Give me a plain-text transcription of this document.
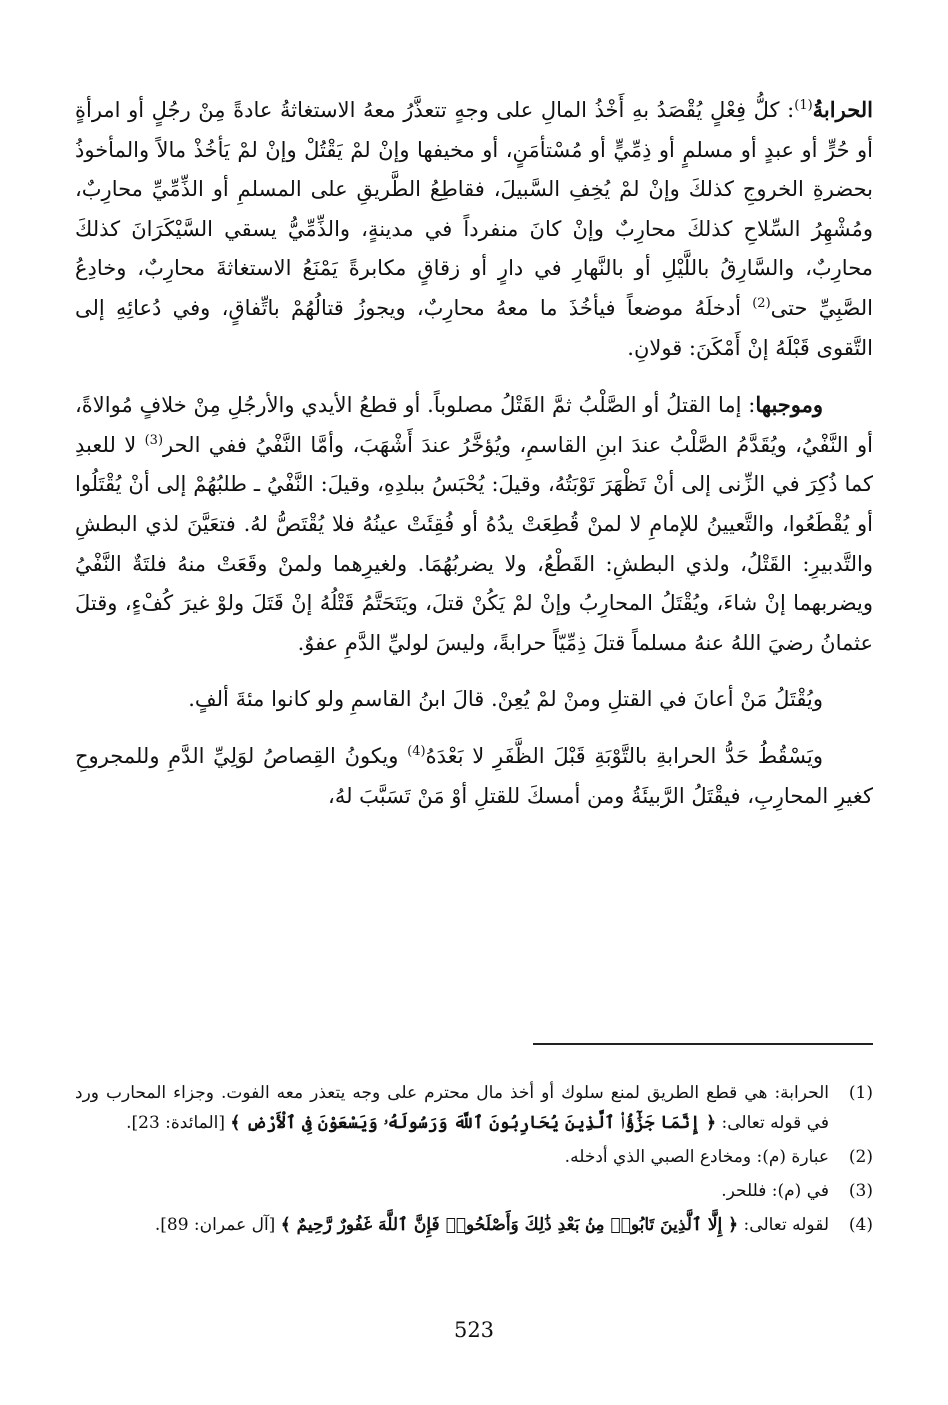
الحرابةُ$^{(1)}$: كلُّ فِعْلٍ يُقْصَدُ بهِ أَخْذُ المالِ على وجهٍ تتعذَّرُ معهُ الاستغاثةُ عادةً مِنْ رجُلٍ أو امرأةٍ أو حُرٍّ أو عبدٍ أو مسلمٍ أو ذِمِّيٍّ أو مُسْتأمَنٍ، أو مخيفها وإنْ لمْ يَقْتُلْ وإنْ لمْ يَأخُذْ مالاً والمأخوذُ بحضرةِ الخروجِ كذلكَ وإنْ لمْ يُخِفِ السَّبيلَ، فقاطِعُ الطَّريقِ على المسلمِ أو الذِّمِّيِّ محارِبٌ، ومُشْهِرُ السِّلاحِ كذلكَ محارِبٌ وإنْ كانَ منفرداً في مدينةٍ، والذِّمِّيُّ يسقي السَّيْكَرَانَ كذلكَ محارِبٌ، والسَّارِقُ باللَّيْلِ أو بالنَّهارِ في دارٍ أو زقاقٍ مكابرةً يَمْنَعُ الاستغاثةَ محارِبٌ، وخادِعُ الصَّبِيِّ حتى$^{(2)}$ أدخلَهُ موضعاً فيأخُذَ ما معهُ محارِبٌ، ويجوزُ قتالُهُمْ باتِّفاقٍ، وفي دُعائِهِ إلى التَّقوى قَبْلَهُ إنْ أَمْكَنَ: قولانِ.

وموجبها: إما القتلُ أو الصَّلْبُ ثمَّ القَتْلُ مصلوباً. أو قطعُ الأيدي والأرجُلِ مِنْ خلافٍ مُوالاةً، أو النَّفْيُ، ويُقَدَّمُ الصَّلْبُ عندَ ابنِ القاسمِ، ويُؤخَّرُ عندَ أَشْهَبَ، وأمَّا النَّفْيُ ففي الحر$^{(3)}$ لا للعبدِ كما ذُكِرَ في الزِّنى إلى أنْ تَظْهَرَ تَوْبَتُهُ، وقيلَ: يُحْبَسُ ببلدِهِ، وقيلَ: النَّفْيُ ـ طلبُهُمْ إلى أنْ يُقْتَلُوا أو يُقْطَعُوا، والتَّعيينُ للإمامِ لا لمنْ قُطِعَتْ يدُهُ أو فُقِئَتْ عينُهُ فلا يُقْتَصُّ لهُ. فتعَيَّنَ لذي البطشِ والتَّدبيرِ: القَتْلُ، ولذي البطشِ: القَطْعُ، ولا يضربُهُمَا. ولغيرِهما ولمنْ وقَعَتْ منهُ فلتَةٌ النَّفْيُ ويضربهما إنْ شاءَ، ويُقْتَلُ المحارِبُ وإنْ لمْ يَكُنْ قتلَ، ويَتَحَتَّمُ قَتْلُهُ إنْ قَتَلَ ولوْ غيرَ كُفْءٍ، وقتلَ عثمانُ رضيَ اللهُ عنهُ مسلماً قتلَ ذِمِّيّاً حرابةً، وليسَ لوليِّ الدَّمِ عفوٌ.

ويُقْتَلُ مَنْ أعانَ في القتلِ ومنْ لمْ يُعِنْ. قالَ ابنُ القاسمِ ولو كانوا مئةَ ألفٍ.

ويَسْقُطُ حَدُّ الحرابةِ بالتَّوْبَةِ قَبْلَ الظَّفَرِ لا بَعْدَهُ$^{(4)}$ ويكونُ القِصاصُ لوَلِيِّ الدَّمِ وللمجروحِ كغيرِ المحارِبِ، فيقْتَلُ الرَّبيئَةُ ومن أمسكَ للقتلِ أوْ مَنْ تَسَبَّبَ لهُ،

(1)
الحرابة: هي قطع الطريق لمنع سلوك أو أخذ مال محترم على وجه يتعذر معه الفوت. وجزاء المحارب ورد في قوله تعالى: ﴿ إِنَّمَا جَزَٰٓؤُا۟ ٱلَّذِينَ يُحَارِبُونَ ٱللَّهَ وَرَسُولَهُۥ وَيَسْعَوْنَ فِى ٱلْأَرْضِ ﴾ [المائدة: 23].
(2)
عبارة (م): ومخادع الصبي الذي أدخله.
(3)
في (م): فللحر.
(4)
لقوله تعالى: ﴿ إِلَّا ٱلَّذِينَ تَابُوا۟ مِنۢ بَعْدِ ذَٰلِكَ وَأَصْلَحُوا۟ فَإِنَّ ٱللَّهَ غَفُورٌ رَّحِيمٌ ﴾ [آل عمران: 89].
523
